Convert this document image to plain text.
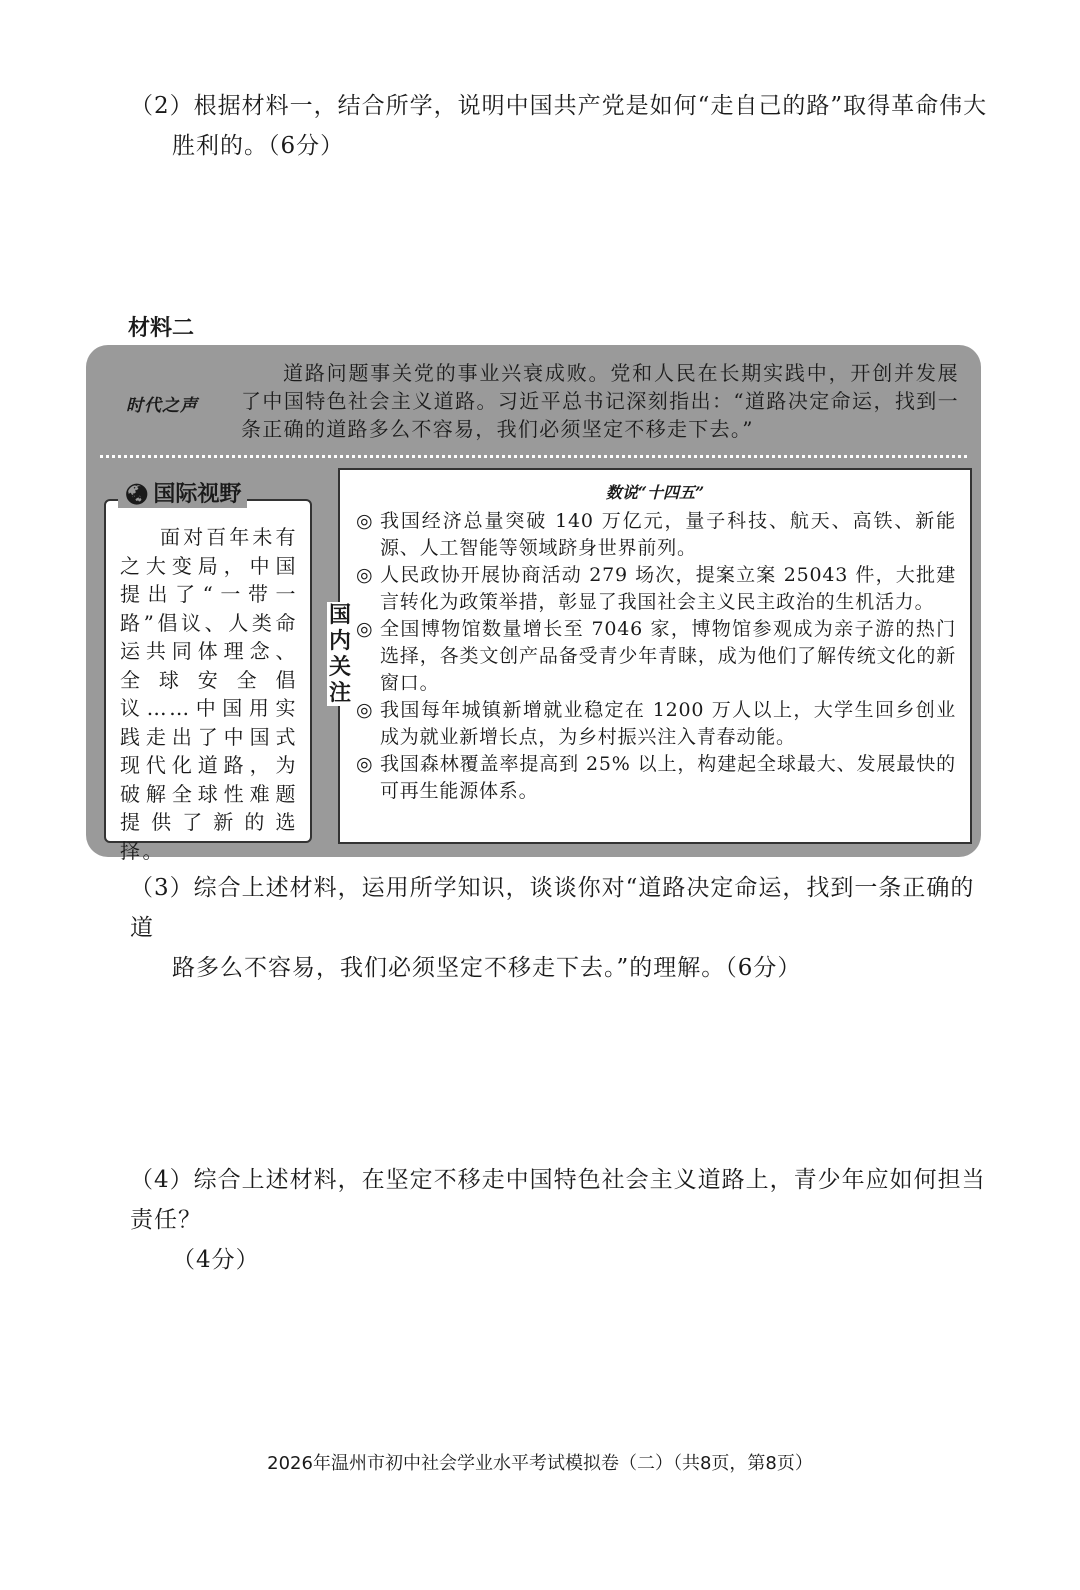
（2）根据材料一，结合所学，说明中国共产党是如何“走自己的路”取得革命伟大
胜利的。（6分）
材料二
时代之声
道路问题事关党的事业兴衰成败。党和人民在长期实践中，开创并发展了中国特色社会主义道路。习近平总书记深刻指出：“道路决定命运，找到一条正确的道路多么不容易，我们必须坚定不移走下去。”
面对百年未有之大变局，中国提出了“一带一路”倡议、人类命运共同体理念、全球安全倡议……中国用实践走出了中国式现代化道路，为破解全球性难题提供了新的选择。
🌏︎ 国际视野
国内关注
数说“十四五”
◎ 我国经济总量突破 140 万亿元，量子科技、航天、高铁、新能源、人工智能等领域跻身世界前列。
◎ 人民政协开展协商活动 279 场次，提案立案 25043 件，大批建言转化为政策举措，彰显了我国社会主义民主政治的生机活力。
◎ 全国博物馆数量增长至 7046 家，博物馆参观成为亲子游的热门选择，各类文创产品备受青少年青睐，成为他们了解传统文化的新窗口。
◎ 我国每年城镇新增就业稳定在 1200 万人以上，大学生回乡创业成为就业新增长点，为乡村振兴注入青春动能。
◎ 我国森林覆盖率提高到 25% 以上，构建起全球最大、发展最快的可再生能源体系。
（3）综合上述材料，运用所学知识，谈谈你对“道路决定命运，找到一条正确的道
路多么不容易，我们必须坚定不移走下去。”的理解。（6分）
（4）综合上述材料，在坚定不移走中国特色社会主义道路上，青少年应如何担当责任？
（4分）
2026年温州市初中社会学业水平考试模拟卷（二）（共8页，第8页）
